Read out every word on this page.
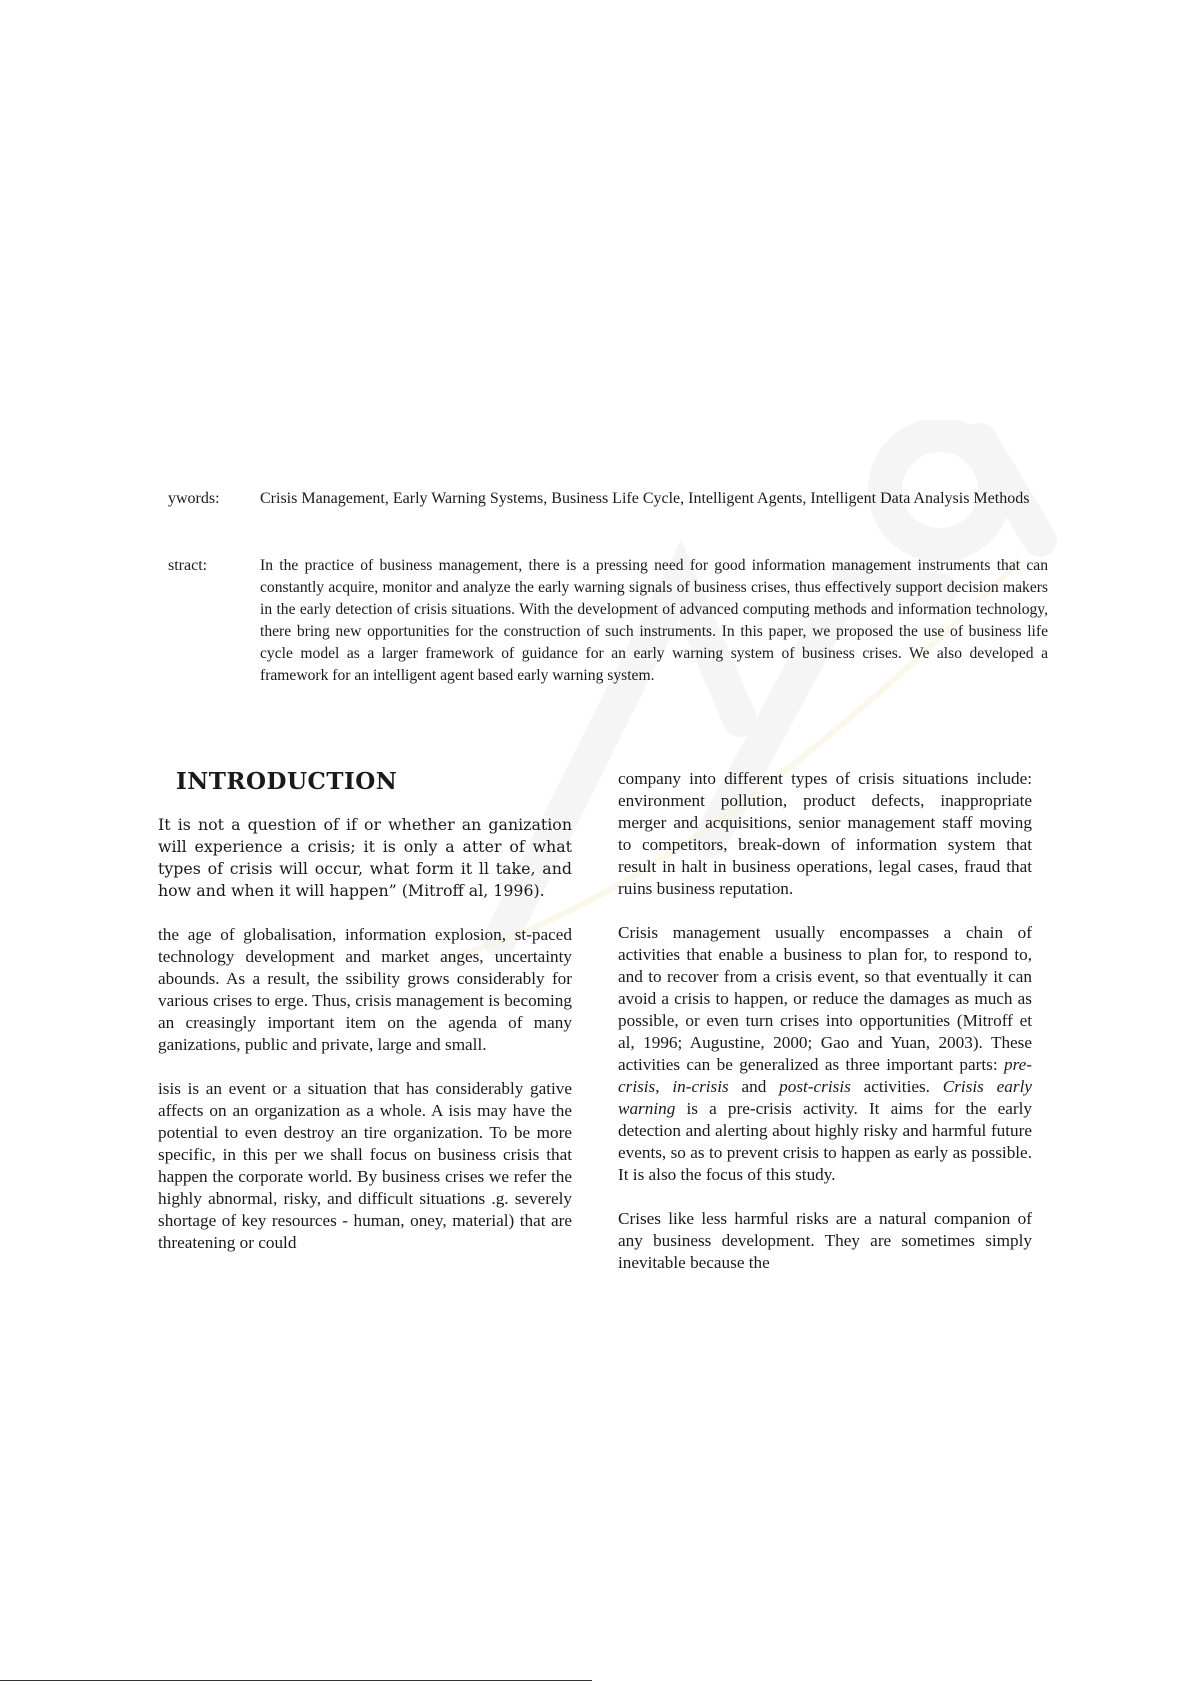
ywords:	Crisis Management, Early Warning Systems, Business Life Cycle, Intelligent Agents, Intelligent Data Analysis Methods
stract:	In the practice of business management, there is a pressing need for good information management instruments that can constantly acquire, monitor and analyze the early warning signals of business crises, thus effectively support decision makers in the early detection of crisis situations. With the development of advanced computing methods and information technology, there bring new opportunities for the construction of such instruments. In this paper, we proposed the use of business life cycle model as a larger framework of guidance for an early warning system of business crises. We also developed a framework for an intelligent agent based early warning system.
INTRODUCTION

It is not a question of if or whether an ganization will experience a crisis; it is only a atter of what types of crisis will occur, what form it ll take, and how and when it will happen” (Mitroff al, 1996).

the age of globalisation, information explosion, st-paced technology development and market anges, uncertainty abounds. As a result, the ssibility grows considerably for various crises to erge. Thus, crisis management is becoming an creasingly important item on the agenda of many ganizations, public and private, large and small.

isis is an event or a situation that has considerably gative affects on an organization as a whole. A isis may have the potential to even destroy an tire organization. To be more specific, in this per we shall focus on business crisis that happen the corporate world. By business crises we refer the highly abnormal, risky, and difficult situations .g. severely shortage of key resources - human, oney, material) that are threatening or could

company into different types of crisis situations include: environment pollution, product defects, inappropriate merger and acquisitions, senior management staff moving to competitors, break-down of information system that result in halt in business operations, legal cases, fraud that ruins business reputation.

Crisis management usually encompasses a chain of activities that enable a business to plan for, to respond to, and to recover from a crisis event, so that eventually it can avoid a crisis to happen, or reduce the damages as much as possible, or even turn crises into opportunities (Mitroff et al, 1996; Augustine, 2000; Gao and Yuan, 2003). These activities can be generalized as three important parts: pre-crisis, in-crisis and post-crisis activities. Crisis early warning is a pre-crisis activity. It aims for the early detection and alerting about highly risky and harmful future events, so as to prevent crisis to happen as early as possible. It is also the focus of this study.

Crises like less harmful risks are a natural companion of any business development. They are sometimes simply inevitable because the
